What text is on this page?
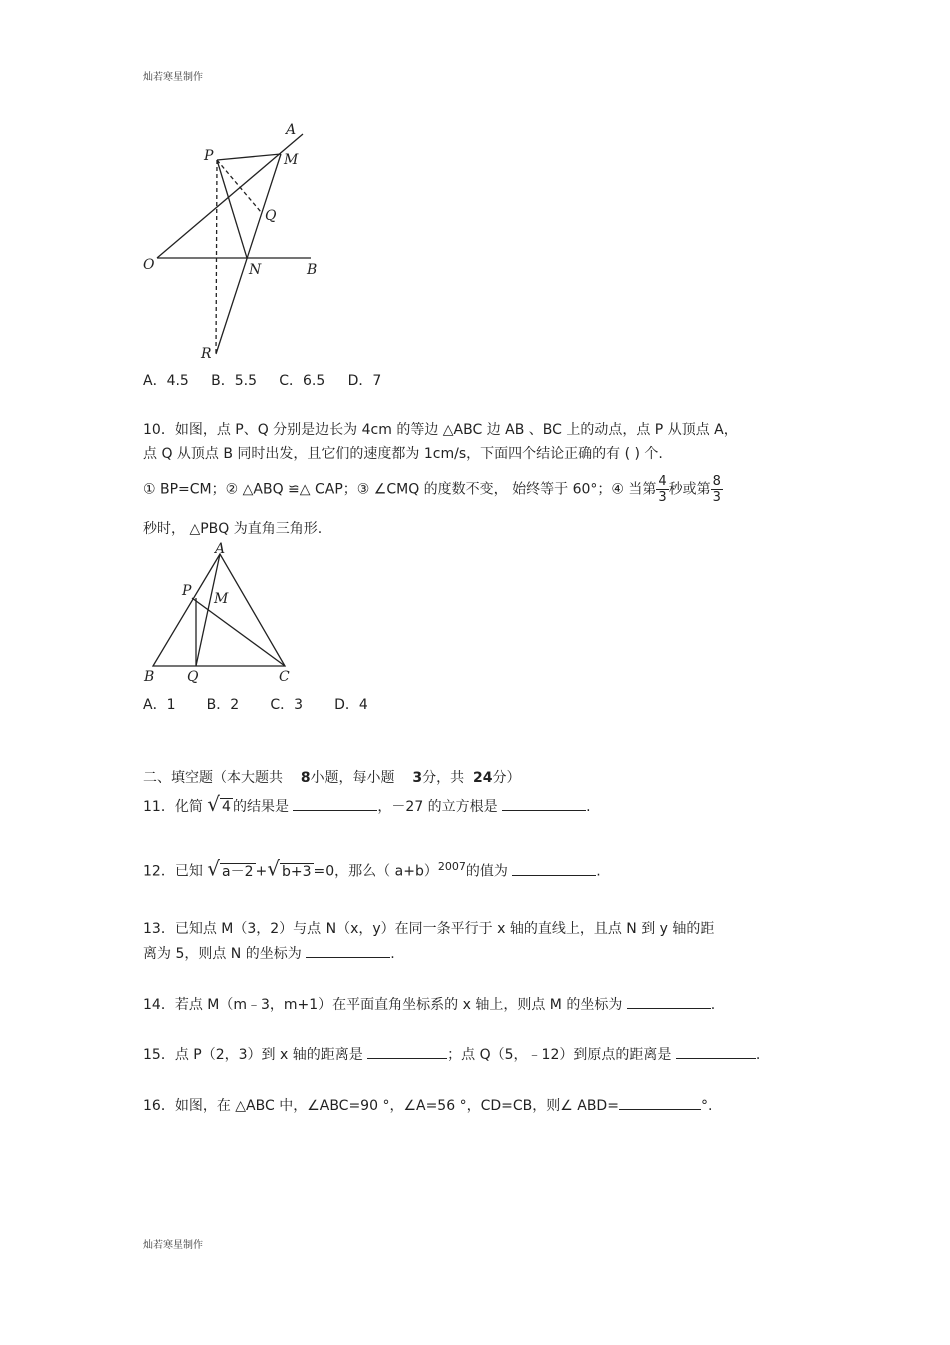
灿若寒星制作
A
P	M
Q
O	N	B
R
A．4.5 B．5.5 C．6.5 D．7
10．如图，点 P、Q 分别是边长为 4cm 的等边 △ABC 边 AB 、BC 上的动点，点 P 从顶点 A，
点 Q 从顶点 B 同时出发，且它们的速度都为 1cm/s，下面四个结论正确的有 ( ) 个.
① BP=CM；② △ABQ ≌△ CAP；③ ∠CMQ 的度数不变， 始终等于 60°；④ 当第 $\frac{4}{3}$ 秒或第 $\frac{8}{3}$
秒时， △PBQ 为直角三角形.
A
P M
B Q	C
A．1 B．2 C．3 D．4
二、填空题（本大题共 8小题，每小题 3分，共 24分）
11．化简 √ 4 的结果是	，－27 的立方根是	.
12．已知 √ a－2 +√ b+3 =0，那么（ a+b）$^{2007}$的值为	.
13．已知点 M（3，2）与点 N（x，y）在同一条平行于 x 轴的直线上，且点 N 到 y 轴的距
离为 5，则点 N 的坐标为	.
14．若点 M（m﹣3，m+1）在平面直角坐标系的 x 轴上，则点 M 的坐标为	.
15．点 P（2，3）到 x 轴的距离是	；点 Q（5，﹣12）到原点的距离是	.
16．如图，在 △ABC 中，∠ABC=90 °，∠A=56 °，CD=CB，则∠ ABD=	°.
灿若寒星制作
